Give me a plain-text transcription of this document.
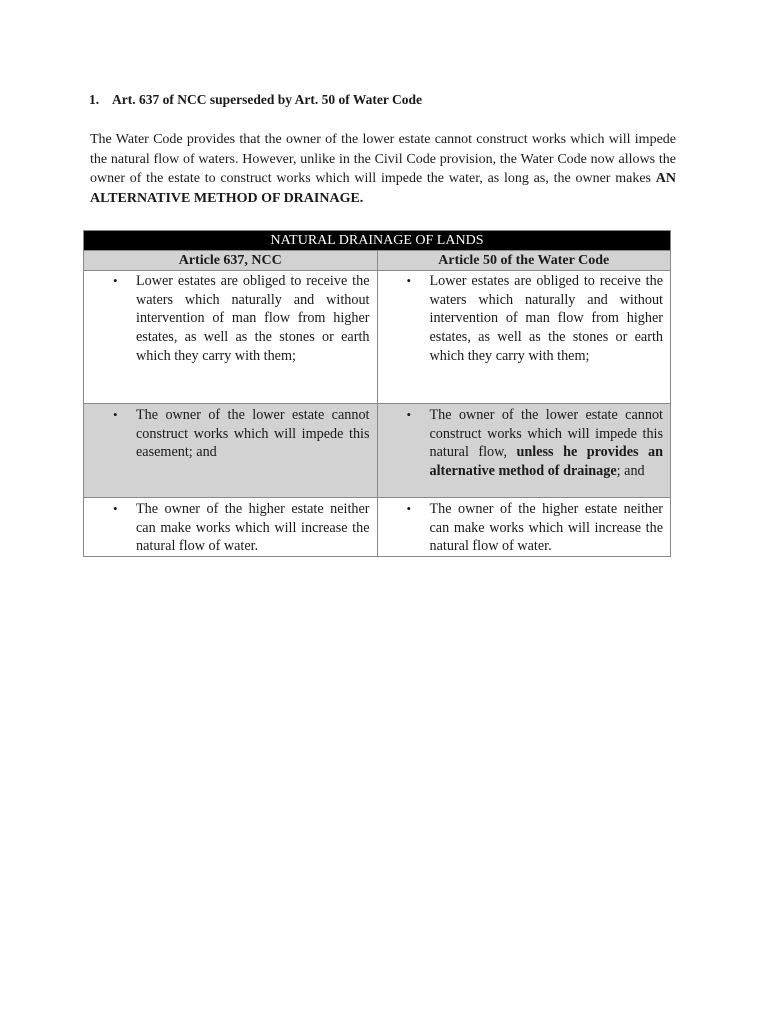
1. Art. 637 of NCC superseded by Art. 50 of Water Code

The Water Code provides that the owner of the lower estate cannot construct works which will impede the natural flow of waters. However, unlike in the Civil Code provision, the Water Code now allows the owner of the estate to construct works which will impede the water, as long as, the owner makes AN ALTERNATIVE METHOD OF DRAINAGE.

NATURAL DRAINAGE OF LANDS	
Article 637, NCC	Article 50 of the Water Code

• Lower estates are obliged to receive the waters which naturally and without intervention of man flow from higher estates, as well as the stones or earth which they carry with them;	• Lower estates are obliged to receive the waters which naturally and without intervention of man flow from higher estates, as well as the stones or earth which they carry with them;

• The owner of the lower estate cannot construct works which will impede this easement; and	• The owner of the lower estate cannot construct works which will impede this natural flow, unless he provides an alternative method of drainage; and

• The owner of the higher estate neither can make works which will increase the natural flow of water.	• The owner of the higher estate neither can make works which will increase the natural flow of water.
